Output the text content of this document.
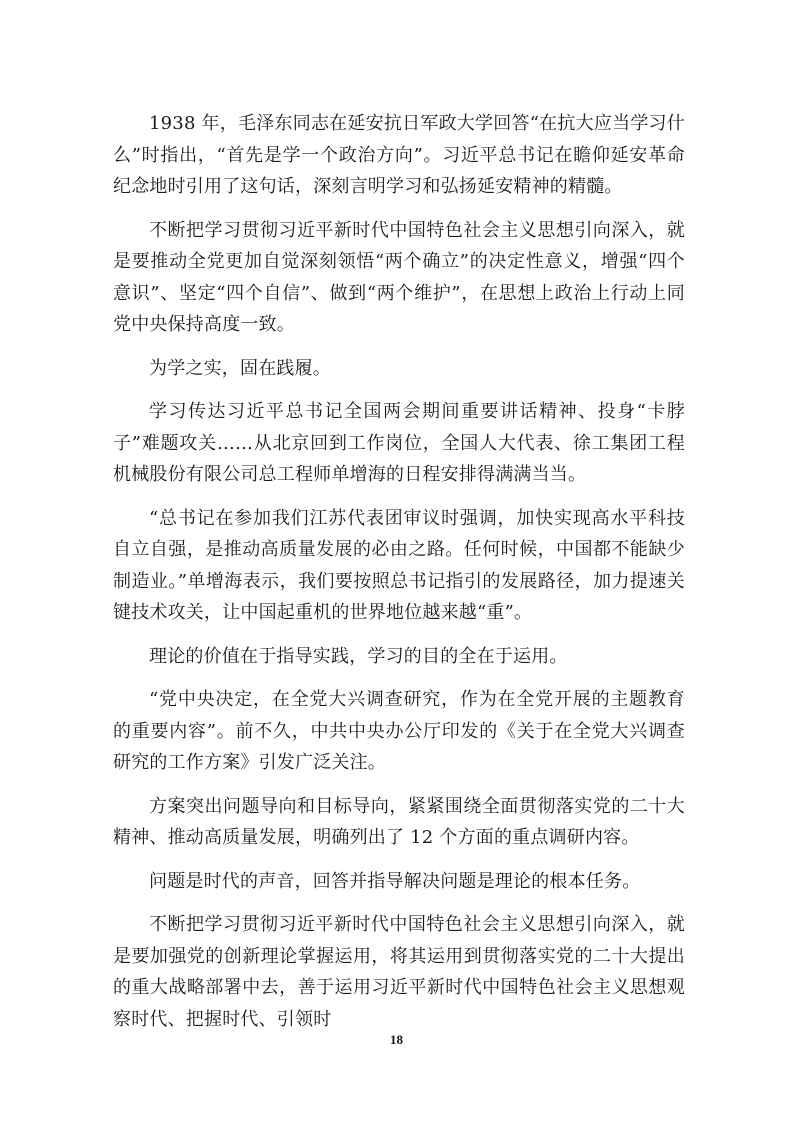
1938 年，毛泽东同志在延安抗日军政大学回答“在抗大应当学习什么”时指出，“首先是学一个政治方向”。习近平总书记在瞻仰延安革命纪念地时引用了这句话，深刻言明学习和弘扬延安精神的精髓。

不断把学习贯彻习近平新时代中国特色社会主义思想引向深入，就是要推动全党更加自觉深刻领悟“两个确立”的决定性意义，增强“四个意识”、坚定“四个自信”、做到“两个维护”，在思想上政治上行动上同党中央保持高度一致。

为学之实，固在践履。

学习传达习近平总书记全国两会期间重要讲话精神、投身“卡脖子”难题攻关……从北京回到工作岗位，全国人大代表、徐工集团工程机械股份有限公司总工程师单增海的日程安排得满满当当。

“总书记在参加我们江苏代表团审议时强调，加快实现高水平科技自立自强，是推动高质量发展的必由之路。任何时候，中国都不能缺少制造业。”单增海表示，我们要按照总书记指引的发展路径，加力提速关键技术攻关，让中国起重机的世界地位越来越“重”。

理论的价值在于指导实践，学习的目的全在于运用。

“党中央决定，在全党大兴调查研究，作为在全党开展的主题教育的重要内容”。前不久，中共中央办公厅印发的《关于在全党大兴调查研究的工作方案》引发广泛关注。

方案突出问题导向和目标导向，紧紧围绕全面贯彻落实党的二十大精神、推动高质量发展，明确列出了 12 个方面的重点调研内容。

问题是时代的声音，回答并指导解决问题是理论的根本任务。

不断把学习贯彻习近平新时代中国特色社会主义思想引向深入，就是要加强党的创新理论掌握运用，将其运用到贯彻落实党的二十大提出的重大战略部署中去，善于运用习近平新时代中国特色社会主义思想观察时代、把握时代、引领时

18
